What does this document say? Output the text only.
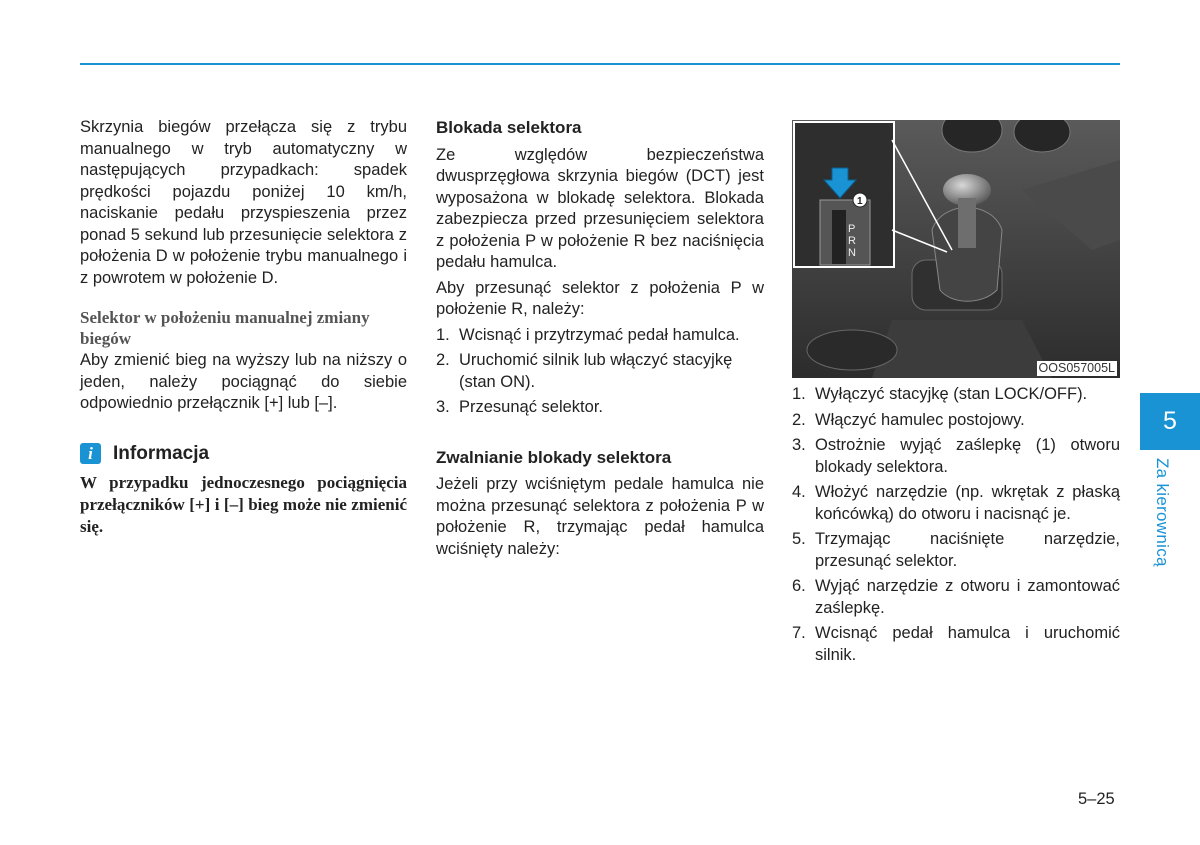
Skrzynia biegów przełącza się z trybu manualnego w tryb automatyczny w następujących przypadkach: spadek prędkości pojazdu poniżej 10 km/h, naciskanie pedału przyspieszenia przez ponad 5 sekund lub przesunięcie selektora z położenia D w położenie trybu manualnego i z powrotem w położenie D.

Selektor w położeniu manualnej zmiany biegów

Aby zmienić bieg na wyższy lub na niższy o jeden, należy pociągnąć do siebie odpowiednio przełącznik [+] lub [–].

i	Informacja

W przypadku jednoczesnego pociągnięcia przełączników [+] i [–] bieg może nie zmienić się.

Blokada selektora

Ze względów bezpieczeństwa dwusprzęgłowa skrzynia biegów (DCT) jest wyposażona w blokadę selektora. Blokada zabezpiecza przed przesunięciem selektora z położenia P w położenie R bez naciśnięcia pedału hamulca.

Aby przesunąć selektor z położenia P w położenie R, należy:

1. Wcisnąć i przytrzymać pedał hamulca.
2. Uruchomić silnik lub włączyć stacyjkę (stan ON).
3. Przesunąć selektor.

Zwalnianie blokady selektora

Jeżeli przy wciśniętym pedale hamulca nie można przesunąć selektora z położenia P w położenie R, trzymając pedał hamulca wciśnięty należy:

P
R
N
1
OOS057005L
1. Wyłączyć stacyjkę (stan LOCK/OFF).
2. Włączyć hamulec postojowy.
3. Ostrożnie wyjąć zaślepkę (1) otworu blokady selektora.
4. Włożyć narzędzie (np. wkrętak z płaską końcówką) do otworu i nacisnąć je.
5. Trzymając naciśnięte narzędzie, przesunąć selektor.
6. Wyjąć narzędzie z otworu i zamontować zaślepkę.
7. Wcisnąć pedał hamulca i uruchomić silnik.
5
Za kierownicą
5–25
